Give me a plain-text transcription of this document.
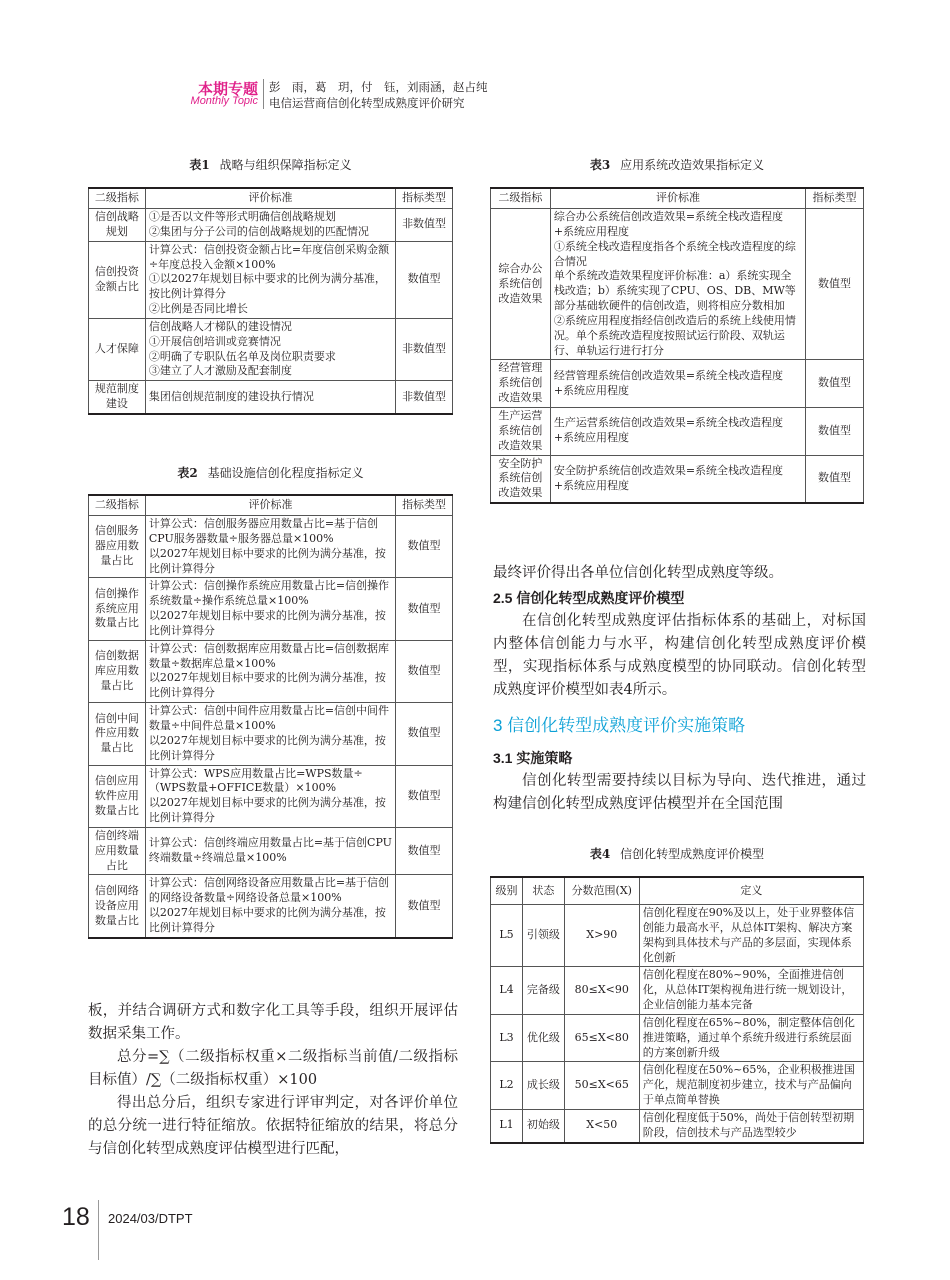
本期专题
Monthly Topic
彭　雨，葛　玥，付　钰，刘雨涵，赵占纯
电信运营商信创化转型成熟度评价研究
表1 战略与组织保障指标定义
二级指标	评价标准	指标类型
信创战略规划	①是否以文件等形式明确信创战略规划
②集团与分子公司的信创战略规划的匹配情况	非数值型
信创投资金额占比	计算公式：信创投资金额占比=年度信创采购金额÷年度总投入金额×100%
①以2027年规划目标中要求的比例为满分基准，按比例计算得分
②比例是否同比增长	数值型
人才保障	信创战略人才梯队的建设情况
①开展信创培训或竞赛情况
②明确了专职队伍名单及岗位职责要求
③建立了人才激励及配套制度	非数值型
规范制度建设	集团信创规范制度的建设执行情况	非数值型
表2 基础设施信创化程度指标定义
二级指标	评价标准	指标类型
信创服务器应用数量占比	计算公式：信创服务器应用数量占比=基于信创CPU服务器数量÷服务器总量×100%
以2027年规划目标中要求的比例为满分基准，按比例计算得分	数值型
信创操作系统应用数量占比	计算公式：信创操作系统应用数量占比=信创操作系统数量÷操作系统总量×100%
以2027年规划目标中要求的比例为满分基准，按比例计算得分	数值型
信创数据库应用数量占比	计算公式：信创数据库应用数量占比=信创数据库数量÷数据库总量×100%
以2027年规划目标中要求的比例为满分基准，按比例计算得分	数值型
信创中间件应用数量占比	计算公式：信创中间件应用数量占比=信创中间件数量÷中间件总量×100%
以2027年规划目标中要求的比例为满分基准，按比例计算得分	数值型
信创应用软件应用数量占比	计算公式：WPS应用数量占比=WPS数量÷（WPS数量+OFFICE数量）×100%
以2027年规划目标中要求的比例为满分基准，按比例计算得分	数值型
信创终端应用数量占比	计算公式：信创终端应用数量占比=基于信创CPU终端数量÷终端总量×100%	数值型
信创网络设备应用数量占比	计算公式：信创网络设备应用数量占比=基于信创的网络设备数量÷网络设备总量×100%
以2027年规划目标中要求的比例为满分基准，按比例计算得分	数值型
表3 应用系统改造效果指标定义
二级指标	评价标准	指标类型
综合办公系统信创改造效果	综合办公系统信创改造效果=系统全栈改造程度+系统应用程度
①系统全栈改造程度指各个系统全栈改造程度的综合情况
单个系统改造效果程度评价标准：a）系统实现全栈改造；b）系统实现了CPU、OS、DB、MW等部分基础软硬件的信创改造，则将相应分数相加
②系统应用程度指经信创改造后的系统上线使用情况。单个系统改造程度按照试运行阶段、双轨运行、单轨运行进行打分	数值型
经营管理系统信创改造效果	经营管理系统信创改造效果=系统全栈改造程度+系统应用程度	数值型
生产运营系统信创改造效果	生产运营系统信创改造效果=系统全栈改造程度+系统应用程度	数值型
安全防护系统信创改造效果	安全防护系统信创改造效果=系统全栈改造程度+系统应用程度	数值型

最终评价得出各单位信创化转型成熟度等级。

2.5 信创化转型成熟度评价模型

在信创化转型成熟度评估指标体系的基础上，对标国内整体信创能力与水平，构建信创化转型成熟度评价模型，实现指标体系与成熟度模型的协同联动。信创化转型成熟度评价模型如表4所示。

3 信创化转型成熟度评价实施策略
3.1 实施策略

信创化转型需要持续以目标为导向、迭代推进，通过构建信创化转型成熟度评估模型并在全国范围

表4 信创化转型成熟度评价模型
级别	状态	分数范围(X)	定义
L5	引领级	X>90	信创化程度在90%及以上，处于业界整体信创能力最高水平，从总体IT架构、解决方案架构到具体技术与产品的多层面，实现体系化创新
L4	完备级	80≤X<90	信创化程度在80%~90%，全面推进信创化，从总体IT架构视角进行统一规划设计，企业信创能力基本完备
L3	优化级	65≤X<80	信创化程度在65%~80%，制定整体信创化推进策略，通过单个系统升级进行系统层面的方案创新升级
L2	成长级	50≤X<65	信创化程度在50%~65%，企业积极推进国产化，规范制度初步建立，技术与产品偏向于单点简单替换
L1	初始级	X<50	信创化程度低于50%，尚处于信创转型初期阶段，信创技术与产品选型较少

板，并结合调研方式和数字化工具等手段，组织开展评估数据采集工作。

总分=∑（二级指标权重×二级指标当前值/二级指标目标值）/∑（二级指标权重）×100

得出总分后，组织专家进行评审判定，对各评价单位的总分统一进行特征缩放。依据特征缩放的结果，将总分与信创化转型成熟度评估模型进行匹配，

18 2024/03/DTPT
